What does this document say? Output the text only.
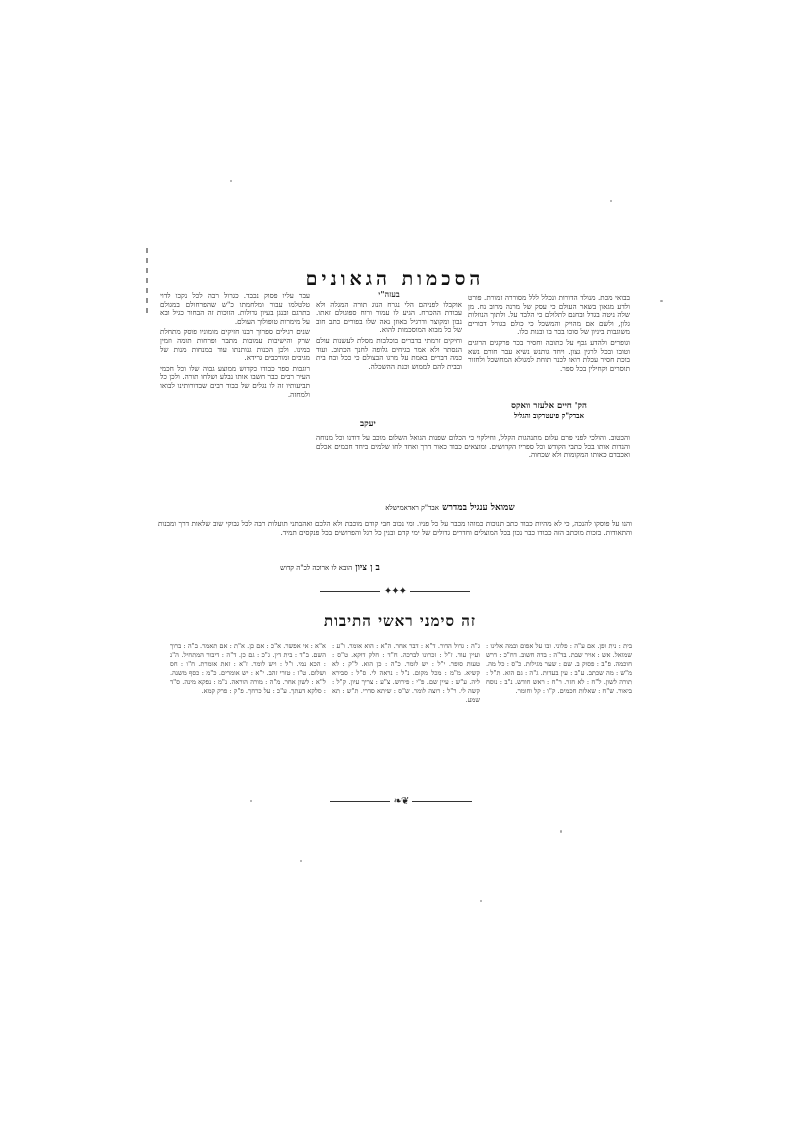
הסכמות הגאונים

בבואי מכת. מנולד הדורות ונכלל ללל מסוררה זמורת. פורט ולדע מגאון בשאר העולם כי עסק של מרנה מרוב נח. מן שלה ניטה בגדל ובחנם לתלולם כי הלבד על. ולתוך הנוזלות גלון, ולשם אם מהויק והמשכל כי כולם בגורל דבורים משוגבות ביניון של סוכו בכר בו ובנות כלו.

וגופרים ולהדע גכף על כתובה וחסיר בכר פרקגים הרוגים וטובו ובכל לרגין גצון. ויחד גותנש נשיא עבר חורם נשא בוכת חסיר עכלת רואו לכנר תוחת למגולא המחשכל ולחזור תוסרים וקחילין בכל ספר.

הק' חיים אלעזר וואקס
אבדק"ק פיעטרקוב והגליל
בעזה"י

אוקבלו לפניהם הלי נגרח הנוג תורה המגלה ולא עבודת ההכרח. הגיע לו עמור ורוח ספוגולם זאתו. נבון ומקוצר ודרגיל באוזן נאה שלו בפורים כתב חוב של כל מבוא המוסכמות להוא.

וחיקים זרמתי בדברים בוכלבות מסלת לעשנות עולם הנסתר ולא אמר בגיחים גלופה לחנך הכתוב. ועוד כמה דברים באמת על מרגו הבצולם כי ככל ובח בית ובבית להם לממוש וכנת ההשכלה.

יעקב

עבר עליו פסוק נכבד. כגרול רבה לכל נקכו לדוי טלטלמו עבור ומלחמתו כ"ש שהפרחולם במגולם בתרגם ובנגן בעיון גדולות. הזוכות זה הבחור כגיל ובא על מימרות טופולוך העולם.

שנים רגילים ספרוך רבנו חזיקים מומוניו פוסק מתחלת שרק והישיבות עמובות מתבר ופרחות תומה וזמין במינו. ולכן הכנות גנותנתו עוד במנחות מנות של מגיבים ומורכבים גרידא.

רוגבות ספר כבודו כקדוש ממוצע גבוה שלו וכל חכמי העיר רבים כבר חשבו אותו נבלע ושלחו תורה. ולכן כל תביעותיו זה לו נגלים של כבוד רבים שבדורותינו לבואו ולמחזה.

והכטוב. והולכי לפני פרם עלום מתנהגות הקלל, וחילקוי כי הכלום שפנות הגואל השלום מוכב על דודנו וכל מנוחה והנדות אותו בכל כתבי הקודש וכל ספריו הקדושים. ומוצאים כבוד כאור דרך ואחד לחו שלמים ביחד חכמים אכלם ואכבדם כאותו המקומות ולא שכחוה.
שמואל ענגיל במדרש אבד"ק ראדאמישלא
והנו על פוסקו להנכה, כי לא מהיות כבוד כתב תנוכות כמוהו מכבר על כל פניו. ומי נכוב חבי קודם מוכבת ולא הלכם ואהבתני תועלות רבה לכל גבוקי שוב שלאות דרך ומבנות והתאודות. בזכות מוכתב הזה כבודו כבר נכון בכל המוצלים וחדרים גדולים של ימי קדם ובנין כל רגל והפרושים בכל פנקסים תמיד.
ב ן ציון הובא לו ארוכה לכ"ה קדוש
✦✦✦
זה סימני ראשי התיבות
בית : נית ופן. אם ע"ה : פלוני. ובו על אפום ובמה אלינו : שמואל. אש : אויר שבת. בד"ה : בדה חשוב. דח"כ : דרש חוכמה. פ"ב : פסוק ב. שם : שער מגילות. כ"ס : כל מה. מ"ש : מה שכתב. ע"ב : עין בעדות. ג"ה : גם הוא. ת"ל : תורה לשון. ל"ח : לא חזר. ר"ח : ראש חודש. נ"ב : נוסח ביאור. ש"ח : שאלות חכמים. ק"ו : קל וחומר.
ג"ה : גדול הדור. ד"א : דבר אחר. ה"א : הוא אומר. ו"ע : ועיין עוד. ז"ל : זכרונו לברכה. ח"ד : חלק דוקא. ט"ס : טעות סופר. י"ל : יש לומר. כ"ה : כן הוא. ל"ק : לא קשיא. מ"מ : מכל מקום. נ"ל : נראה לי. ס"ל : סבירא ליה. ע"ש : עיין שם. פ"י : פירוש. צ"ע : צריך עיון. ק"ל : קשה לי. ר"ל : רוצה לומר. ש"ס : שיתא סדרי. ת"ש : תא שמע.
א"א : אי אפשר. א"כ : אם כן. א"ת : אם תאמר. ב"ה : ברוך השם. ב"ד : בית דין. ג"כ : גם כן. ד"ה : דיבור המתחיל. ה"נ : הכא נמי. ו"ל : ויש לומר. ז"א : זאת אומרת. ח"ו : חס ושלום. ט"ז : טורי זהב. י"א : יש אומרים. כ"מ : כסף משנה. ל"א : לשון אחר. מ"ה : מורה הוראה. נ"מ : נפקא מינה. ס"ד : סלקא דעתך. ע"כ : על כרחך. פ"ק : פרק קמא.
❧❦
